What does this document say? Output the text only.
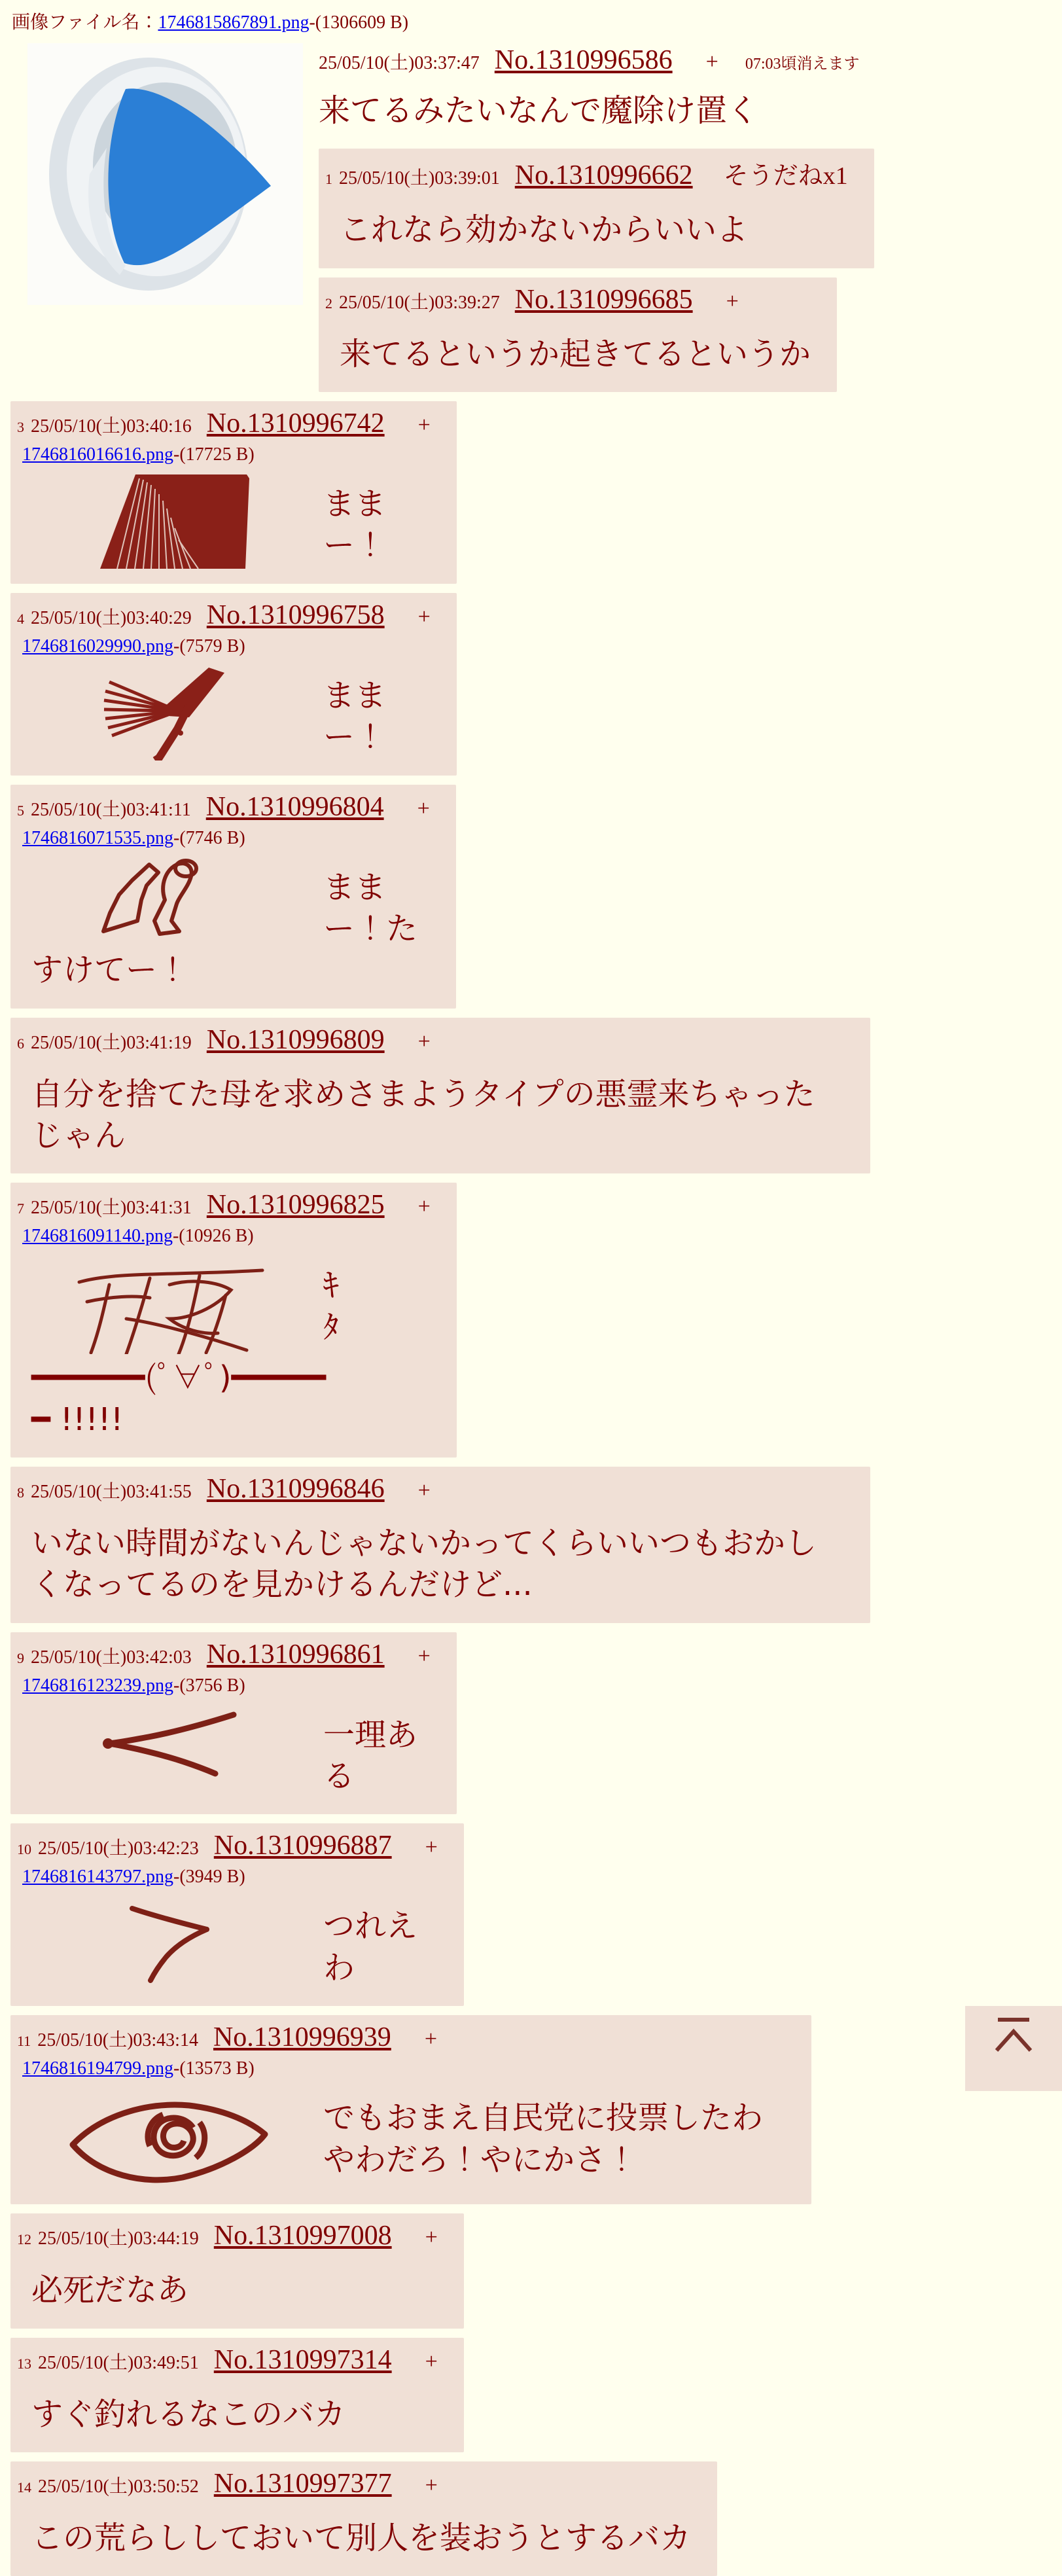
画像ファイル名：1746815867891.png-(1306609 B)
25/05/10(土)03:37:47 No.1310996586 + 07:03頃消えます
来てるみたいなんで魔除け置く
1 25/05/10(土)03:39:01 No.1310996662 そうだねx1
これなら効かないからいいよ
2 25/05/10(土)03:39:27 No.1310996685 +
来てるというか起きてるというか
3 25/05/10(土)03:40:16 No.1310996742 +
1746816016616.png-(17725 B)
ままー！
4 25/05/10(土)03:40:29 No.1310996758 +
1746816029990.png-(7579 B)
ままー！
5 25/05/10(土)03:41:11 No.1310996804 +
1746816071535.png-(7746 B)
ままー！たすけてー！
6 25/05/10(土)03:41:19 No.1310996809 +
自分を捨てた母を求めさまようタイプの悪霊来ちゃったじゃん
7 25/05/10(土)03:41:31 No.1310996825 +
1746816091140.png-(10926 B)
ｷﾀ━━━━━━(ﾟ∀ﾟ)━━━━━━ !!!!!
8 25/05/10(土)03:41:55 No.1310996846 +
いない時間がないんじゃないかってくらいいつもおかしくなってるのを見かけるんだけど...
9 25/05/10(土)03:42:03 No.1310996861 +
1746816123239.png-(3756 B)
一理ある
10 25/05/10(土)03:42:23 No.1310996887 +
1746816143797.png-(3949 B)
つれえわ
11 25/05/10(土)03:43:14 No.1310996939 +
1746816194799.png-(13573 B)
でもおまえ自民党に投票したわやわだろ！やにかさ！
12 25/05/10(土)03:44:19 No.1310997008 +
必死だなあ
13 25/05/10(土)03:49:51 No.1310997314 +
すぐ釣れるなこのバカ
14 25/05/10(土)03:50:52 No.1310997377 +
この荒らししておいて別人を装おうとするバカ
